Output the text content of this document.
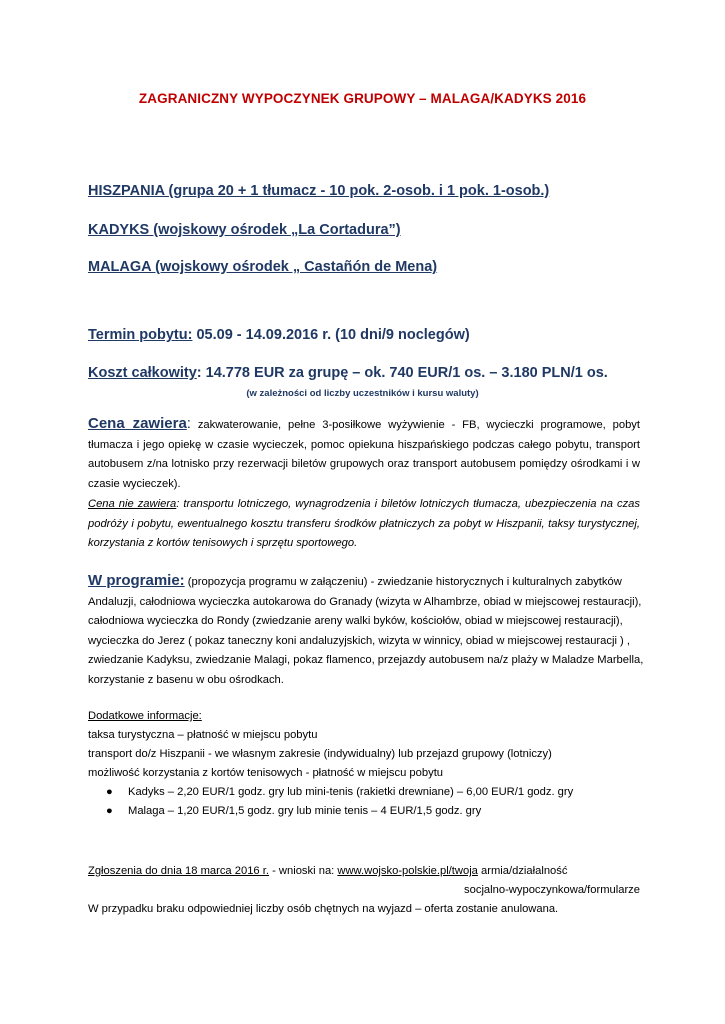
ZAGRANICZNY WYPOCZYNEK GRUPOWY – MALAGA/KADYKS 2016
HISZPANIA (grupa 20 + 1 tłumacz - 10 pok. 2-osob. i 1 pok. 1-osob.)
KADYKS (wojskowy ośrodek „La Cortadura”)
MALAGA (wojskowy ośrodek „ Castañón de Mena)
Termin pobytu: 05.09 - 14.09.2016 r. (10 dni/9 noclegów)
Koszt całkowity: 14.778 EUR za grupę – ok. 740 EUR/1 os. – 3.180 PLN/1 os.
(w zależności od liczby uczestników i kursu waluty)
Cena zawiera: zakwaterowanie, pełne 3-posiłkowe wyżywienie - FB, wycieczki programowe, pobyt tłumacza i jego opiekę w czasie wycieczek, pomoc opiekuna hiszpańskiego podczas całego pobytu, transport autobusem z/na lotnisko przy rezerwacji biletów grupowych oraz transport autobusem pomiędzy ośrodkami i w czasie wycieczek).
Cena nie zawiera: transportu lotniczego, wynagrodzenia i biletów lotniczych tłumacza, ubezpieczenia na czas podróży i pobytu, ewentualnego kosztu transferu środków płatniczych za pobyt w Hiszpanii, taksy turystycznej, korzystania z kortów tenisowych i sprzętu sportowego.
W programie: (propozycja programu w załączeniu) - zwiedzanie historycznych i kulturalnych zabytków Andaluzji, całodniowa wycieczka autokarowa do Granady (wizyta w Alhambrze, obiad w miejscowej restauracji), całodniowa wycieczka do Rondy (zwiedzanie areny walki byków, kościołów, obiad w miejscowej restauracji), wycieczka do Jerez ( pokaz taneczny koni andaluzyjskich, wizyta w winnicy, obiad w miejscowej restauracji ) , zwiedzanie Kadyksu, zwiedzanie Malagi, pokaz flamenco, przejazdy autobusem na/z plaży w Maladze Marbella, korzystanie z basenu w obu ośrodkach.
Dodatkowe informacje:
taksa turystyczna – płatność w miejscu pobytu
transport do/z Hiszpanii - we własnym zakresie (indywidualny) lub przejazd grupowy (lotniczy)
możliwość korzystania z kortów tenisowych - płatność w miejscu pobytu
● Kadyks – 2,20 EUR/1 godz. gry lub mini-tenis (rakietki drewniane) – 6,00 EUR/1 godz. gry
● Malaga – 1,20 EUR/1,5 godz. gry lub minie tenis – 4 EUR/1,5 godz. gry
Zgłoszenia do dnia 18 marca 2016 r. - wnioski na: www.wojsko-polskie.pl/twoja armia/działalność
socjalno-wypoczynkowa/formularze
W przypadku braku odpowiedniej liczby osób chętnych na wyjazd – oferta zostanie anulowana.
